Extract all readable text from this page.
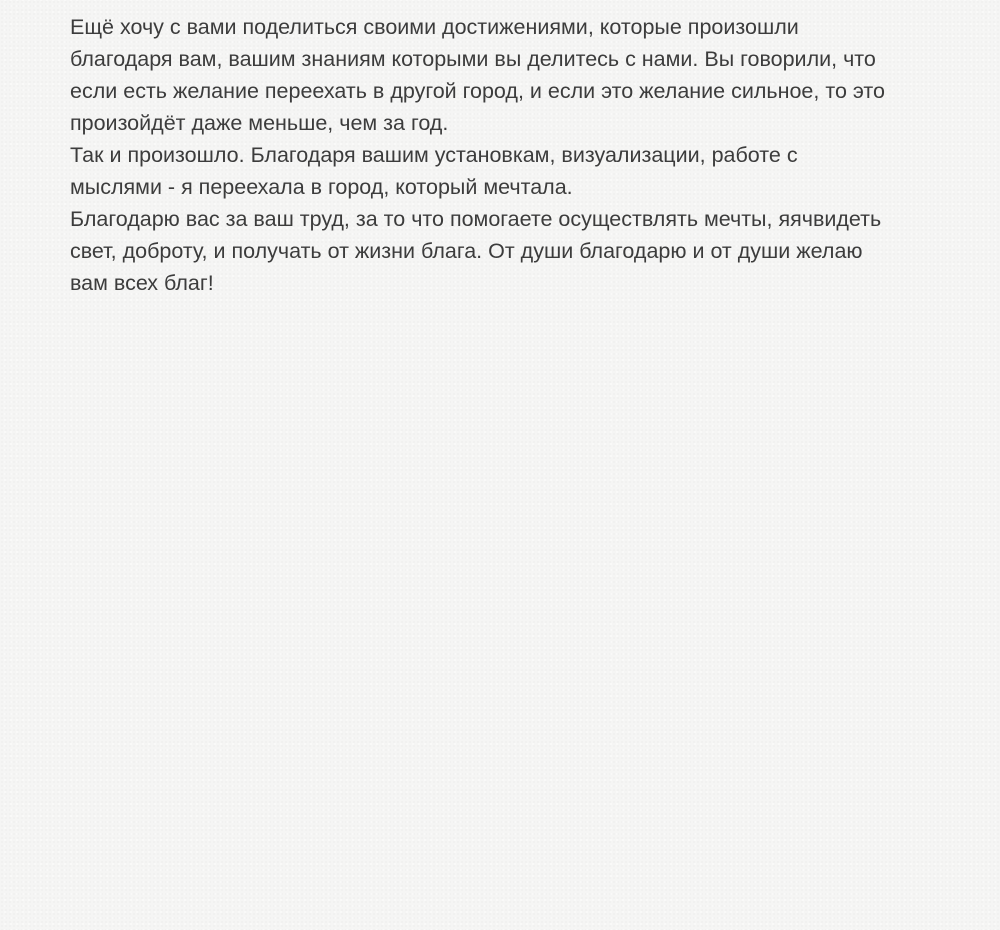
Ещё хочу с вами поделиться своими достижениями, которые произошли

благодаря вам, вашим знаниям которыми вы делитесь с нами. Вы говорили, что

если есть желание переехать в другой город, и если это желание сильное, то это

произойдёт даже меньше, чем за год.

Так и произошло. Благодаря вашим установкам, визуализации, работе с

мыслями - я переехала в город, который мечтала.

Благодарю вас за ваш труд, за то что помогаете осуществлять мечты, яячвидеть

свет, доброту, и получать от жизни блага. От души благодарю и от души желаю

вам всех благ!
